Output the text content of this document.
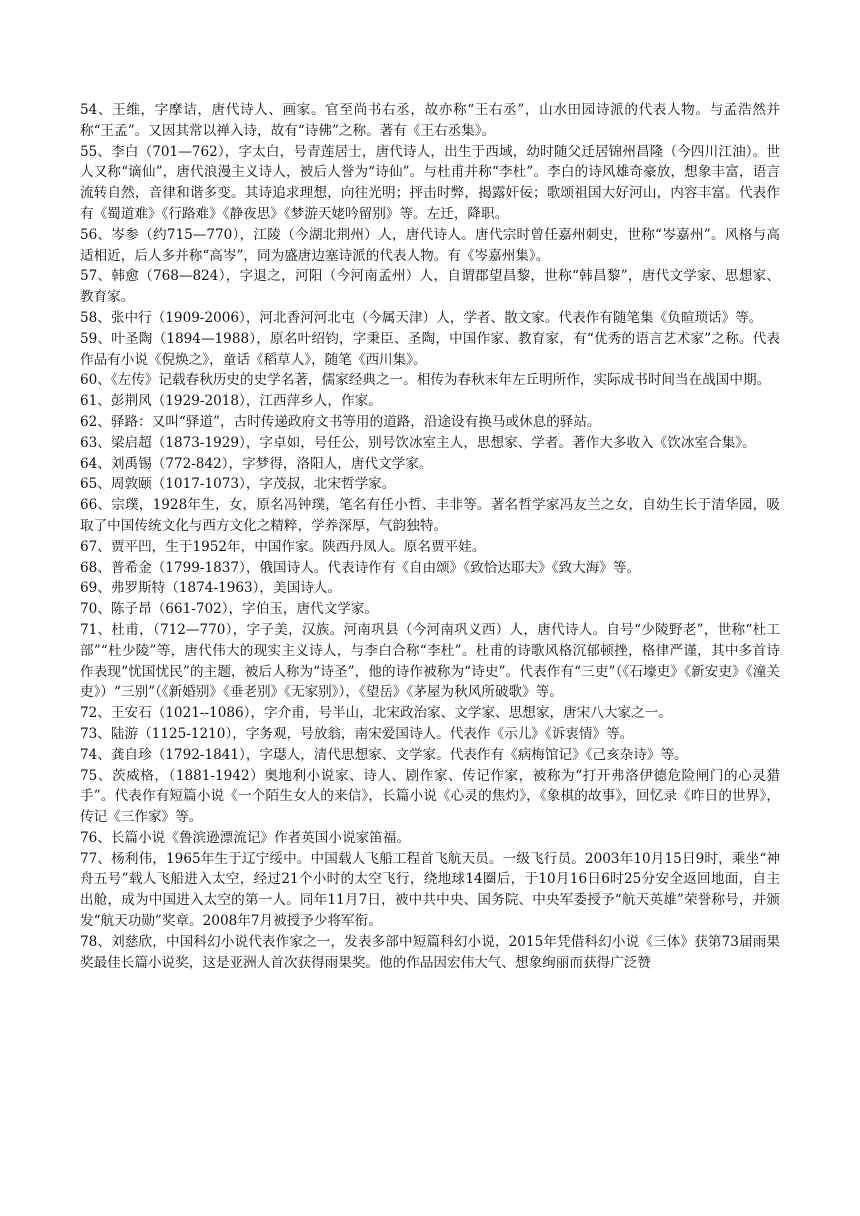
54、王维，字摩诘，唐代诗人、画家。官至尚书右丞，故亦称“王右丞”，山水田园诗派的代表人物。与孟浩然并称“王孟”。又因其常以禅入诗，故有“诗佛”之称。著有《王右丞集》。

55、李白（701—762），字太白，号青莲居士，唐代诗人，出生于西域，幼时随父迁居锦州昌隆（今四川江油）。世人又称“谪仙”，唐代浪漫主义诗人，被后人誉为“诗仙”。与杜甫并称“李杜”。李白的诗风雄奇豪放，想象丰富，语言流转自然，音律和谐多变。其诗追求理想，向往光明；抨击时弊，揭露奸佞；歌颂祖国大好河山，内容丰富。代表作有《蜀道难》《行路难》《静夜思》《梦游天姥吟留别》等。左迁，降职。

56、岑参（约715—770），江陵（今湖北荆州）人，唐代诗人。唐代宗时曾任嘉州刺史，世称“岑嘉州”。风格与高适相近，后人多并称“高岑”，同为盛唐边塞诗派的代表人物。有《岑嘉州集》。

57、韩愈（768—824），字退之，河阳（今河南孟州）人，自谓郡望昌黎，世称“韩昌黎”，唐代文学家、思想家、教育家。

58、张中行（1909-2006），河北香河河北屯（今属天津）人，学者、散文家。代表作有随笔集《负暄琐话》等。

59、叶圣陶（1894—1988），原名叶绍钧，字秉臣、圣陶，中国作家、教育家，有“优秀的语言艺术家”之称。代表作品有小说《倪焕之》，童话《稻草人》，随笔《西川集》。

60、《左传》记载春秋历史的史学名著，儒家经典之一。相传为春秋末年左丘明所作，实际成书时间当在战国中期。

61、彭荆风（1929-2018），江西萍乡人，作家。

62、驿路：又叫“驿道”，古时传递政府文书等用的道路，沿途设有换马或休息的驿站。

63、梁启超（1873-1929），字卓如，号任公，别号饮冰室主人，思想家、学者。著作大多收入《饮冰室合集》。

64、刘禹锡（772-842），字梦得，洛阳人，唐代文学家。

65、周敦颐（1017-1073），字茂叔，北宋哲学家。

66、宗璞，1928年生，女，原名冯钟璞，笔名有任小哲、丰非等。著名哲学家冯友兰之女，自幼生长于清华园，吸取了中国传统文化与西方文化之精粹，学养深厚，气韵独特。

67、贾平凹，生于1952年，中国作家。陕西丹凤人。原名贾平娃。

68、普希金（1799-1837），俄国诗人。代表诗作有《自由颂》《致恰达耶夫》《致大海》等。

69、弗罗斯特（1874-1963），美国诗人。

70、陈子昂（661-702），字伯玉，唐代文学家。

71、杜甫，（712—770），字子美，汉族。河南巩县（今河南巩义西）人，唐代诗人。自号“少陵野老”，世称“杜工部”“杜少陵”等，唐代伟大的现实主义诗人，与李白合称“李杜”。杜甫的诗歌风格沉郁顿挫，格律严谨，其中多首诗作表现“忧国忧民”的主题，被后人称为“诗圣”，他的诗作被称为“诗史”。代表作有“三吏”（《石壕吏》《新安吏》《潼关吏》）“三别”（《新婚别》《垂老别》《无家别》），《望岳》《茅屋为秋风所破歌》等。

72、王安石（1021--1086），字介甫，号半山，北宋政治家、文学家、思想家，唐宋八大家之一。

73、陆游（1125-1210），字务观，号放翁，南宋爱国诗人。代表作《示儿》《诉衷情》等。

74、龚自珍（1792-1841），字璱人，清代思想家、文学家。代表作有《病梅馆记》《己亥杂诗》等。

75、茨威格，（1881-1942）奥地利小说家、诗人、剧作家、传记作家，被称为“打开弗洛伊德危险闸门的心灵猎手”。代表作有短篇小说《一个陌生女人的来信》，长篇小说《心灵的焦灼》，《象棋的故事》，回忆录《昨日的世界》，传记《三作家》等。

76、长篇小说《鲁滨逊漂流记》作者英国小说家笛福。

77、杨利伟，1965年生于辽宁绥中。中国载人飞船工程首飞航天员。一级飞行员。2003年10月15日9时，乘坐“神舟五号”载人飞船进入太空，经过21个小时的太空飞行，绕地球14圈后，于10月16日6时25分安全返回地面，自主出舱，成为中国进入太空的第一人。同年11月7日，被中共中央、国务院、中央军委授予“航天英雄”荣誉称号，并颁发“航天功勋”奖章。2008年7月被授予少将军衔。

78、刘慈欣，中国科幻小说代表作家之一，发表多部中短篇科幻小说，2015年凭借科幻小说《三体》获第73届雨果奖最佳长篇小说奖，这是亚洲人首次获得雨果奖。他的作品因宏伟大气、想象绚丽而获得广泛赞
